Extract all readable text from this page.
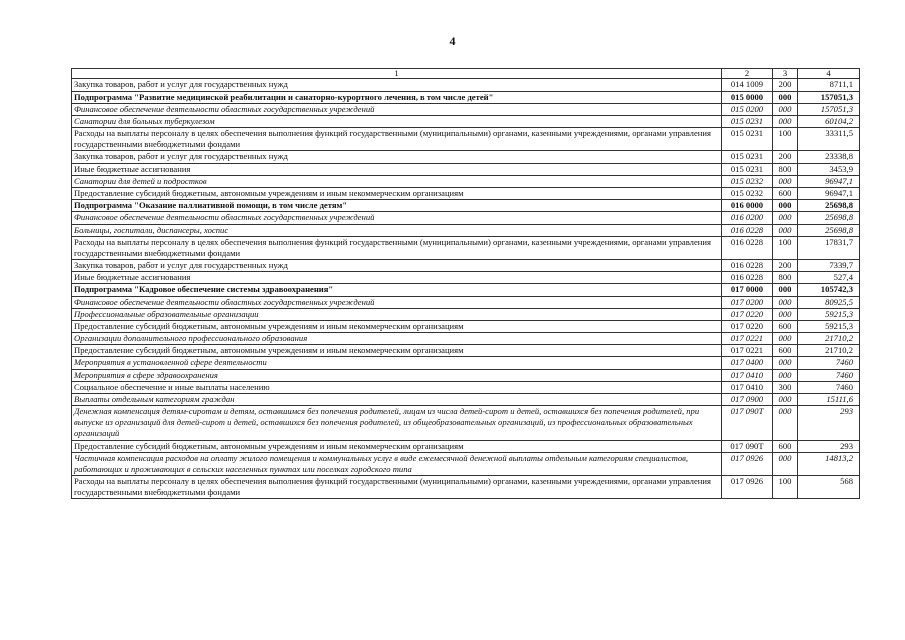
4
1	2	3	4
Закупка товаров, работ и услуг для государственных нужд	014 1009	200	8711,1
Подпрограмма "Развитие медицинской реабилитации и санаторно-курортного лечения, в том числе детей"	015 0000	000	157051,3
Финансовое обеспечение деятельности областных государственных учреждений	015 0200	000	157051,3
Санатории для больных туберкулезом	015 0231	000	60104,2
Расходы на выплаты персоналу в целях обеспечения выполнения функций государственными (муниципальными) органами, казенными учреждениями, органами управления государственными внебюджетными фондами	015 0231	100	33311,5
Закупка товаров, работ и услуг для государственных нужд	015 0231	200	23338,8
Иные бюджетные ассигнования	015 0231	800	3453,9
Санатории для детей и подростков	015 0232	000	96947,1
Предоставление субсидий бюджетным, автономным учреждениям и иным некоммерческим организациям	015 0232	600	96947,1
Подпрограмма "Оказание паллиативной помощи, в том числе детям"	016 0000	000	25698,8
Финансовое обеспечение деятельности областных государственных учреждений	016 0200	000	25698,8
Больницы, госпитали, диспансеры, хоспис	016 0228	000	25698,8
Расходы на выплаты персоналу в целях обеспечения выполнения функций государственными (муниципальными) органами, казенными учреждениями, органами управления государственными внебюджетными фондами	016 0228	100	17831,7
Закупка товаров, работ и услуг для государственных нужд	016 0228	200	7339,7
Иные бюджетные ассигнования	016 0228	800	527,4
Подпрограмма "Кадровое обеспечение системы здравоохранения"	017 0000	000	105742,3
Финансовое обеспечение деятельности областных государственных учреждений	017 0200	000	80925,5
Профессиональные образовательные организации	017 0220	000	59215,3
Предоставление субсидий бюджетным, автономным учреждениям и иным некоммерческим организациям	017 0220	600	59215,3
Организации дополнительного профессионального образования	017 0221	000	21710,2
Предоставление субсидий бюджетным, автономным учреждениям и иным некоммерческим организациям	017 0221	600	21710,2
Мероприятия в установленной сфере деятельности	017 0400	000	7460
Мероприятия в сфере здравоохранения	017 0410	000	7460
Социальное обеспечение и иные выплаты населению	017 0410	300	7460
Выплаты отдельным категориям граждан	017 0900	000	15111,6
Денежная компенсация детям-сиротам и детям, оставшимся без попечения родителей, лицам из числа детей-сирот и детей, оставшихся без попечения родителей, при выпуске из организаций для детей-сирот и детей, оставшихся без попечения родителей, из общеобразовательных организаций, из профессиональных образовательных организаций	017 090Т	000	293
Предоставление субсидий бюджетным, автономным учреждениям и иным некоммерческим организациям	017 090Т	600	293
Частичная компенсация расходов на оплату жилого помещения и коммунальных услуг в виде ежемесячной денежной выплаты отдельным категориям специалистов, работающих и проживающих в сельских населенных пунктах или поселках городского типа	017 0926	000	14813,2
Расходы на выплаты персоналу в целях обеспечения выполнения функций государственными (муниципальными) органами, казенными учреждениями, органами управления государственными внебюджетными фондами	017 0926	100	568
